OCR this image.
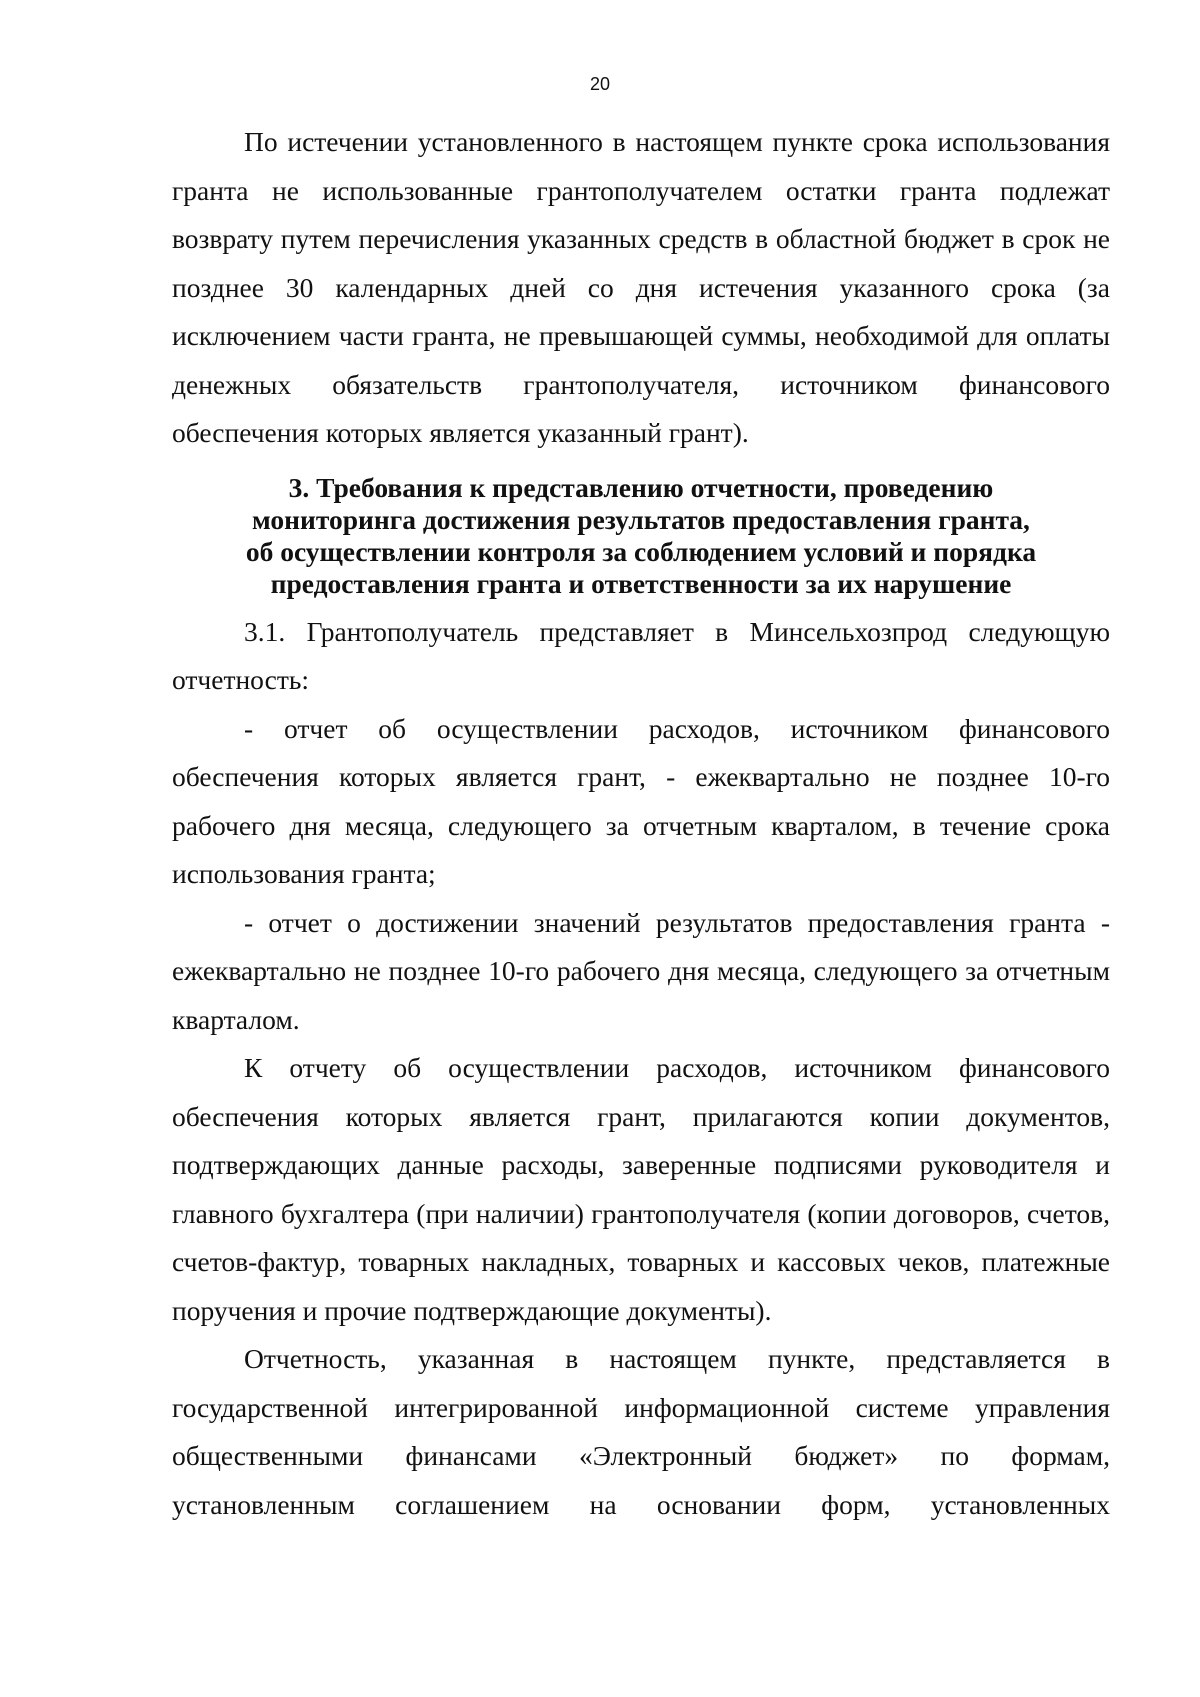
20

По истечении установленного в настоящем пункте срока использования гранта не использованные грантополучателем остатки гранта подлежат возврату путем перечисления указанных средств в областной бюджет в срок не позднее 30 календарных дней со дня истечения указанного срока (за исключением части гранта, не превышающей суммы, необходимой для оплаты денежных обязательств грантополучателя, источником финансового обеспечения которых является указанный грант).

3. Требования к представлению отчетности, проведению
мониторинга достижения результатов предоставления гранта,
об осуществлении контроля за соблюдением условий и порядка
предоставления гранта и ответственности за их нарушение

3.1. Грантополучатель представляет в Минсельхозпрод следующую отчетность:

- отчет об осуществлении расходов, источником финансового обеспечения которых является грант, - ежеквартально не позднее 10-го рабочего дня месяца, следующего за отчетным кварталом, в течение срока использования гранта;

- отчет о достижении значений результатов предоставления гранта - ежеквартально не позднее 10-го рабочего дня месяца, следующего за отчетным кварталом.

К отчету об осуществлении расходов, источником финансового обеспечения которых является грант, прилагаются копии документов, подтверждающих данные расходы, заверенные подписями руководителя и главного бухгалтера (при наличии) грантополучателя (копии договоров, счетов, счетов-фактур, товарных накладных, товарных и кассовых чеков, платежные поручения и прочие подтверждающие документы).

Отчетность, указанная в настоящем пункте, представляется в государственной интегрированной информационной системе управления общественными финансами «Электронный бюджет» по формам, установленным соглашением на основании форм, установленных
